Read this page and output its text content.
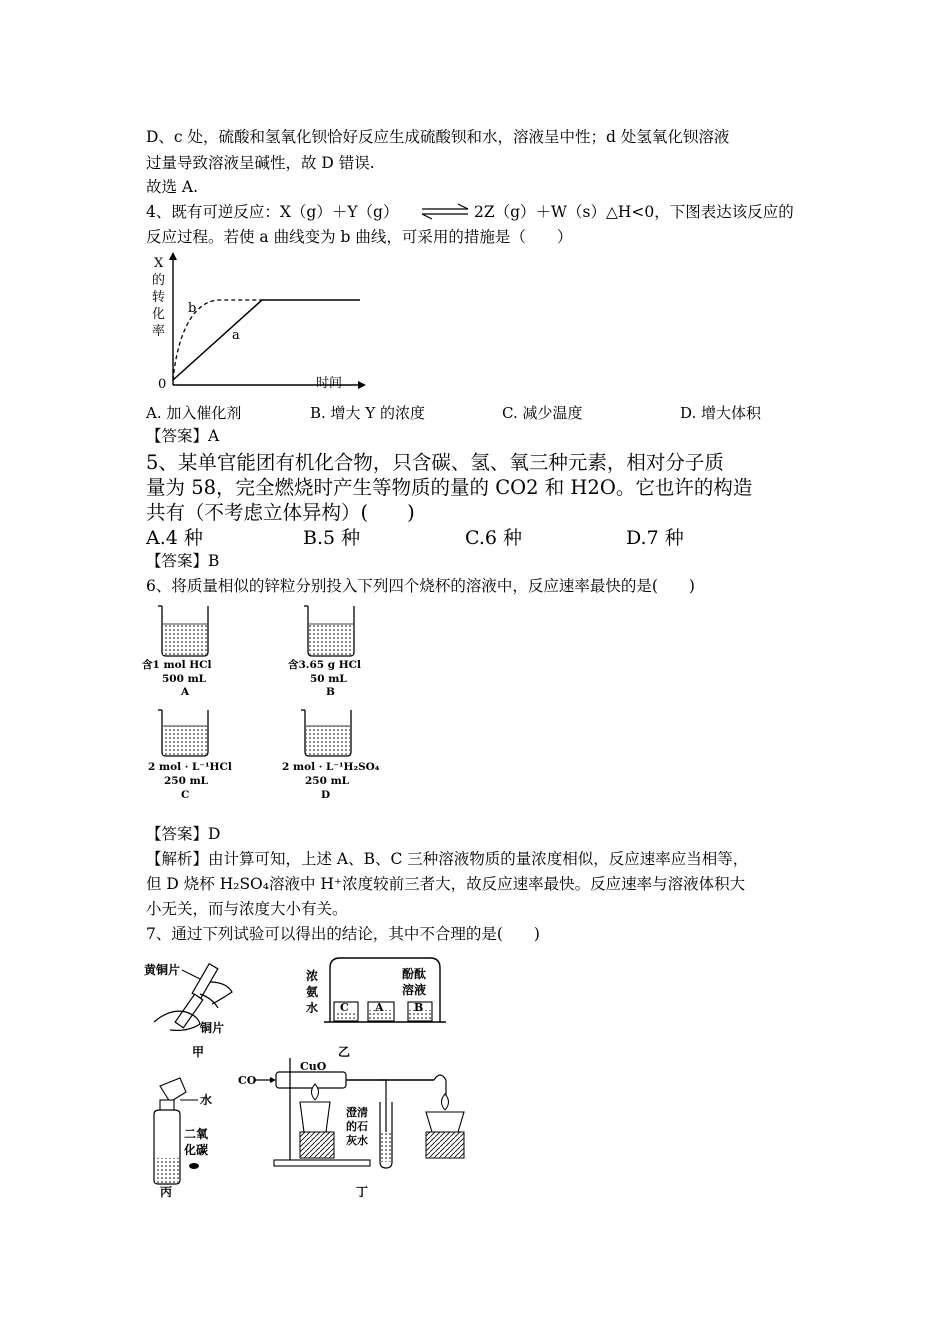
D、c 处，硫酸和氢氧化钡恰好反应生成硫酸钡和水，溶液呈中性；d 处氢氧化钡溶液
过量导致溶液呈碱性，故 D 错误.
故选 A.
4、既有可逆反应：X（g）＋Y（g） ⇌ 2Z（g）＋W（s）△H<0，下图表达该反应的
反应过程。若使 a 曲线变为 b 曲线，可采用的措施是（　　）
X
的
转
化
率	a
b
0	时间
A. 加入催化剂	B. 增大 Y 的浓度	C. 减少温度	D. 增大体积
【答案】A
5、某单官能团有机化合物，只含碳、氢、氧三种元素，相对分子质
量为 58，完全燃烧时产生等物质的量的 CO2 和 H2O。它也许的构造
共有（不考虑立体异构）(　　)
A.4 种	B.5 种	C.6 种	D.7 种
【答案】B
6、将质量相似的锌粒分别投入下列四个烧杯的溶液中，反应速率最快的是(　　)
含1 mol HCl
500 mL
A
含3.65 g HCl
50 mL
B
2 mol · L⁻¹HCl
250 mL
C
2 mol · L⁻¹H₂SO₄
250 mL
D
【答案】D
【解析】由计算可知，上述 A、B、C 三种溶液物质的量浓度相似，反应速率应当相等，
但 D 烧杯 H₂SO₄溶液中 H⁺浓度较前三者大，故反应速率最快。反应速率与溶液体积大
小无关，而与浓度大小有关。
7、通过下列试验可以得出的结论，其中不合理的是(　　)
黄铜片
铜片
甲
浓
氨
水
酚酞
溶液
C A	B
乙
水
二氧
化碳
丙
CO
CuO
澄清
的石
灰水
丁
